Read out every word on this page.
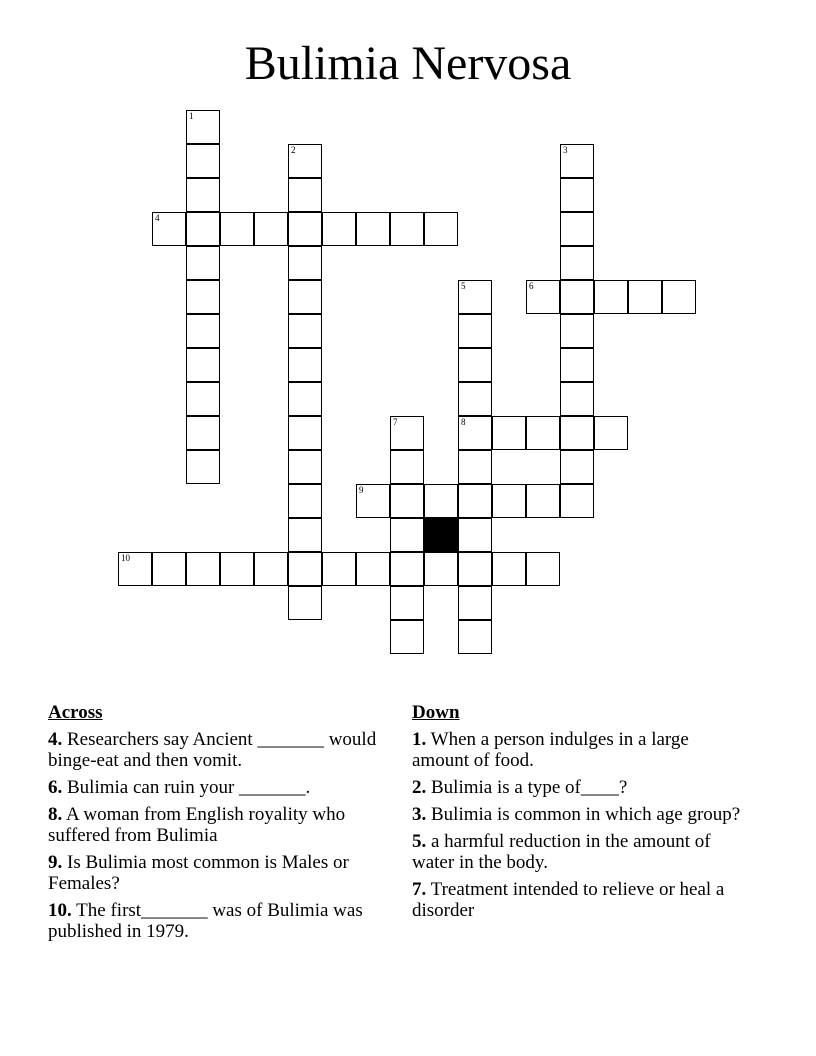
Bulimia Nervosa
1
2	3
4
5	6
7	8
9
10
Across
4. Researchers say Ancient _______ would binge-eat and then vomit.
6. Bulimia can ruin your _______.
8. A woman from English royality who suffered from Bulimia
9. Is Bulimia most common is Males or Females?
10. The first_______ was of Bulimia was published in 1979.
Down
1. When a person indulges in a large amount of food.
2. Bulimia is a type of____?
3. Bulimia is common in which age group?
5. a harmful reduction in the amount of water in the body.
7. Treatment intended to relieve or heal a disorder
